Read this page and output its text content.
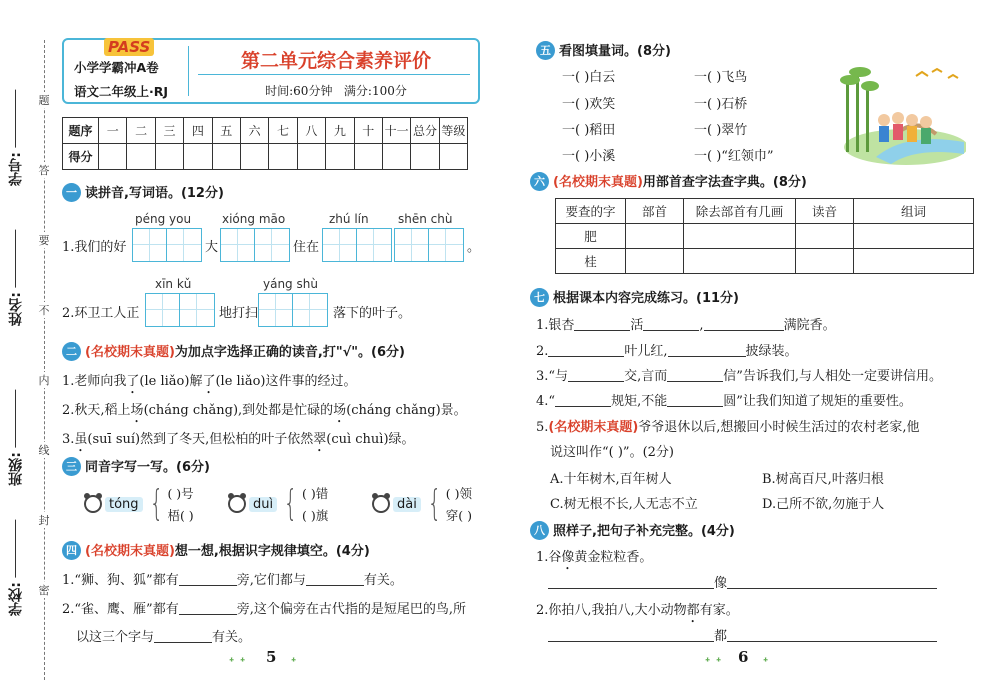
学号:
姓名:
班级:
学校:
题
答
要
不
内
线
封
密
PASS
小学学霸冲A卷
语文二年级上·RJ
第二单元综合素养评价
时间:60分钟 满分:100分
题序	一	二	三	四	五	六	七	八	九	十	十一	总分	等级
得分													
一 读拼音,写词语。(12分)
péng you	xióng māo	zhú lín shēn chù
1.我们的好	大	住在	。
xīn kǔ	yáng shù
2.环卫工人正	地打扫	落下的叶子。
二 (名校期末真题)为加点字选择正确的读音,打"√"。(6分)
1.老师向我了(le liǎo)解了(le liǎo)这件事的经过。
2.秋天,稻上场(cháng chǎng),到处都是忙碌的场(cháng chǎng)景。
3.虽(suī suí)然到了冬天,但松柏的叶子依然翠(cuì chuì)绿。
三 同音字写一写。(6分)
tóng { ( )号
梧( )
duì { ( )错
( )旗
dài { ( )领
穿( )
四 (名校期末真题)想一想,根据识字规律填空。(4分)
1.“狮、狗、狐”都有	旁,它们都与	有关。
2.“雀、鹰、雁”都有	旁,这个偏旁在古代指的是短尾巴的鸟,所
以这三个字与	有关。
᛭ ᛭ 5 ᛭
五 看图填量词。(8分)
一( )白云	一( )飞鸟
一( )欢笑	一( )石桥
一( )稻田	一( )翠竹
一( )小溪	一( )“红领巾”
六 (名校期末真题)用部首查字法查字典。(8分)
要查的字	部首	除去部首有几画	读音	组词
肥				
桂				
七 根据课本内容完成练习。(11分)
1.银杏	活	,	满院香。
2.	叶儿红,	披绿装。
3.“与	交,言而	信”告诉我们,与人相处一定要讲信用。
4.“	规矩,不能	圆”让我们知道了规矩的重要性。
5.(名校期末真题)爷爷退休以后,想搬回小时候生活过的农村老家,他
说这叫作“( )”。(2分)
A.十年树木,百年树人	B.树高百尺,叶落归根
C.树无根不长,人无志不立	D.己所不欲,勿施于人
八 照样子,把句子补充完整。(4分)
1.谷像黄金粒粒香。
像
2.你拍八,我拍八,大小动物都有家。
都
᛭ ᛭ 6 ᛭
